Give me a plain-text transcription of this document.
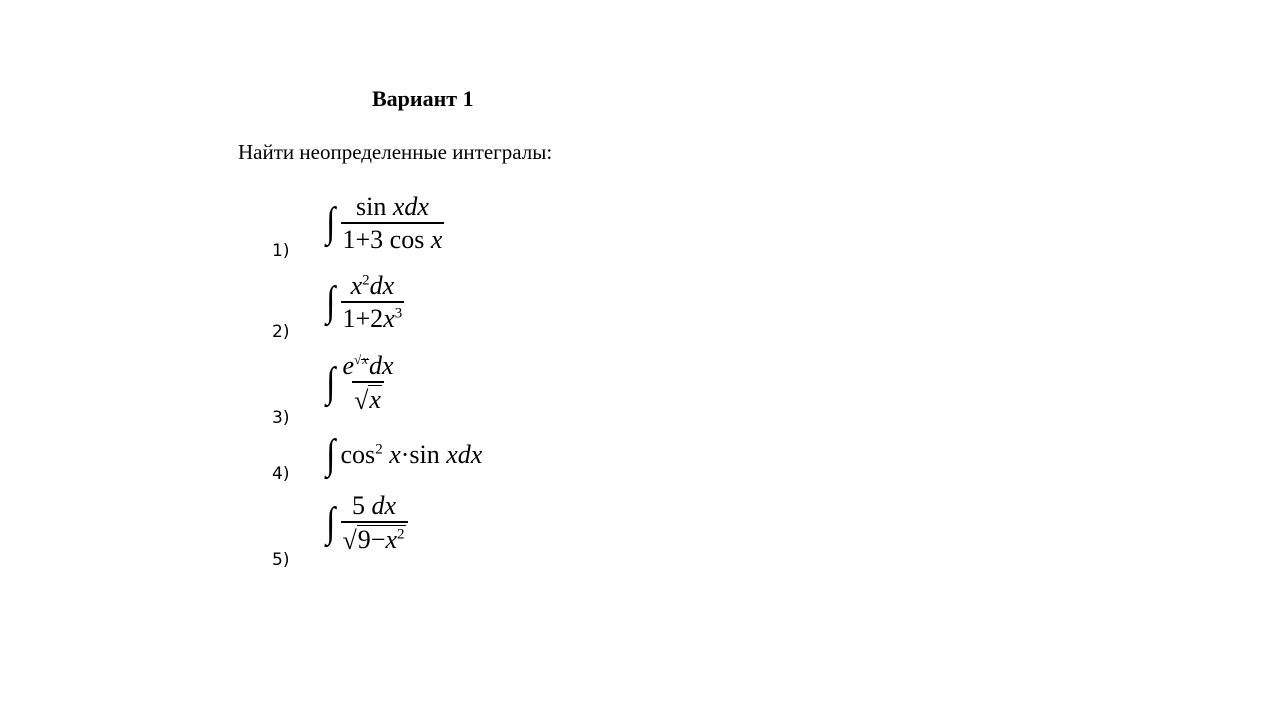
Вариант 1
Найти неопределенные интегралы:
1)
∫ $\frac{\text{sin xdx}}{\text{1+3 cos x}}$
2)
∫ $\frac{x^2dx}{1+2x^3}$
3)
∫ $\frac{\text{e √ x dx}}{√ x}$
4) ∫ $\cos^2 x\cdot\sin$ xdx
5)
∫ $\frac{5 dx}{√ 9-x^2}$
